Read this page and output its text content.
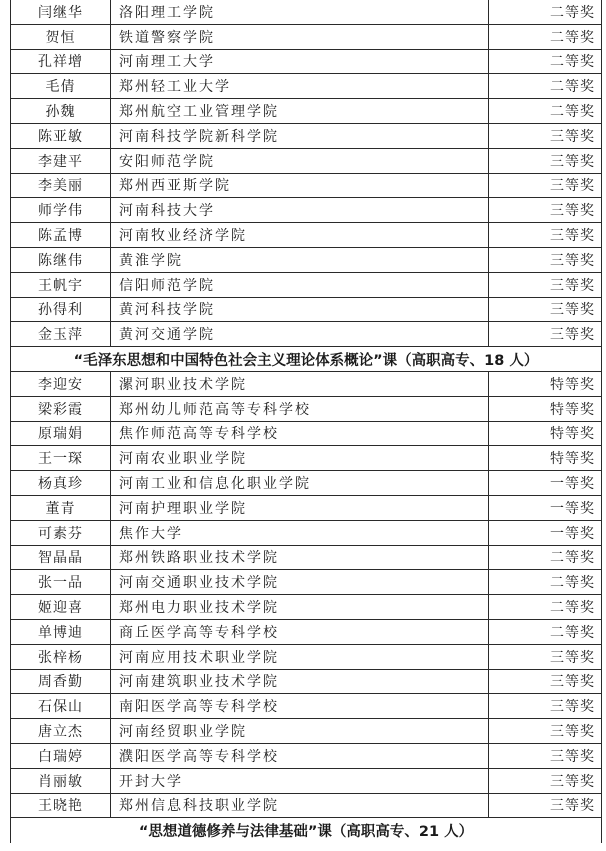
闫继华	洛阳理工学院	二等奖
贺恒	铁道警察学院	二等奖
孔祥增	河南理工大学	二等奖
毛倩	郑州轻工业大学	二等奖
孙魏	郑州航空工业管理学院	二等奖
陈亚敏	河南科技学院新科学院	三等奖
李建平	安阳师范学院	三等奖
李美丽	郑州西亚斯学院	三等奖
师学伟	河南科技大学	三等奖
陈孟博	河南牧业经济学院	三等奖
陈继伟	黄淮学院	三等奖
王帆宇	信阳师范学院	三等奖
孙得利	黄河科技学院	三等奖
金玉萍	黄河交通学院	三等奖
“毛泽东思想和中国特色社会主义理论体系概论”课（高职高专、18 人）
李迎安	漯河职业技术学院	特等奖
梁彩霞	郑州幼儿师范高等专科学校	特等奖
原瑞娟	焦作师范高等专科学校	特等奖
王一琛	河南农业职业学院	特等奖
杨真珍	河南工业和信息化职业学院	一等奖
董青	河南护理职业学院	一等奖
可素芬	焦作大学	一等奖
智晶晶	郑州铁路职业技术学院	二等奖
张一品	河南交通职业技术学院	二等奖
姬迎喜	郑州电力职业技术学院	二等奖
单博迪	商丘医学高等专科学校	二等奖
张梓杨	河南应用技术职业学院	三等奖
周香勤	河南建筑职业技术学院	三等奖
石保山	南阳医学高等专科学校	三等奖
唐立杰	河南经贸职业学院	三等奖
白瑞婷	濮阳医学高等专科学校	三等奖
肖丽敏	开封大学	三等奖
王晓艳	郑州信息科技职业学院	三等奖
“思想道德修养与法律基础”课（高职高专、21 人）
